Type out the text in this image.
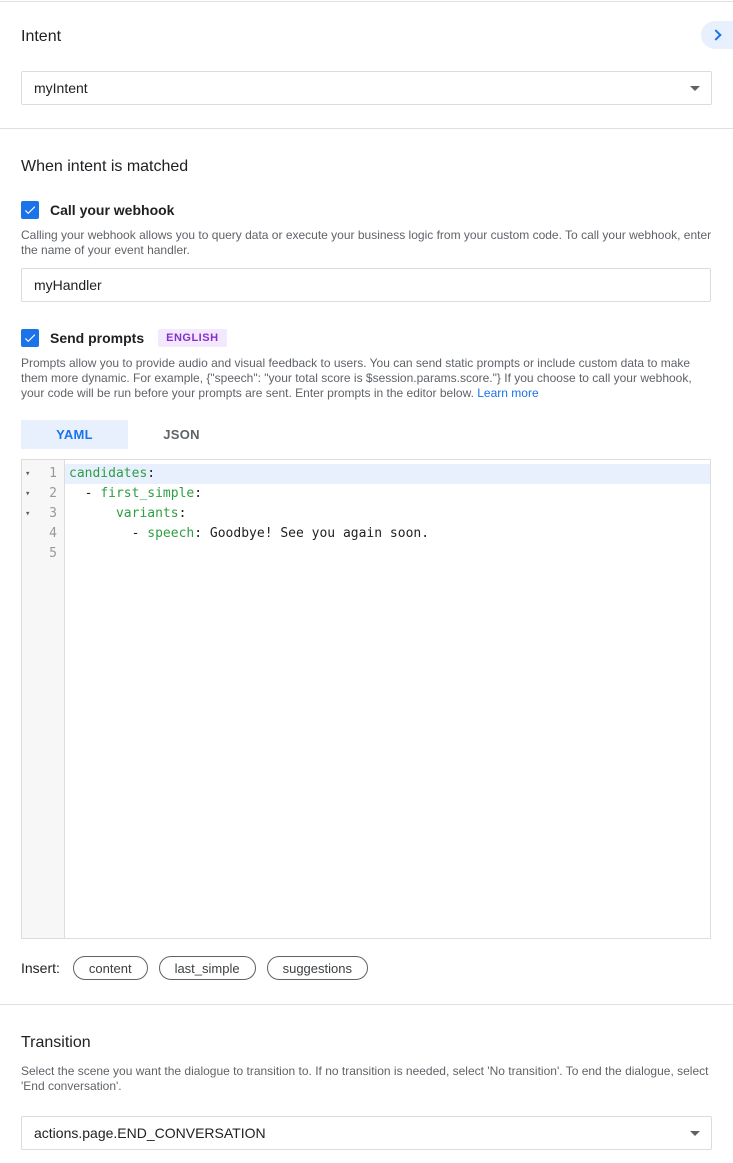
Intent
myIntent
When intent is matched
Call your webhook

Calling your webhook allows you to query data or execute your business logic from your custom code. To call your webhook, enter the name of your event handler.

myHandler
Send prompts	ENGLISH

Prompts allow you to provide audio and visual feedback to users. You can send static prompts or include custom data to make them more dynamic. For example, {"speech": "your total score is $session.params.score."} If you choose to call your webhook, your code will be run before your prompts are sent. Enter prompts in the editor below. Learn more

YAML	JSON
▾ 1 candidates:
▾ 2 - first_simple:
▾ 3	variants:
4 - speech: Goodbye! See you again soon.
5
Insert:	content	last_simple	suggestions
Transition

Select the scene you want the dialogue to transition to. If no transition is needed, select 'No transition'. To end the dialogue, select 'End conversation'.

actions.page.END_CONVERSATION
